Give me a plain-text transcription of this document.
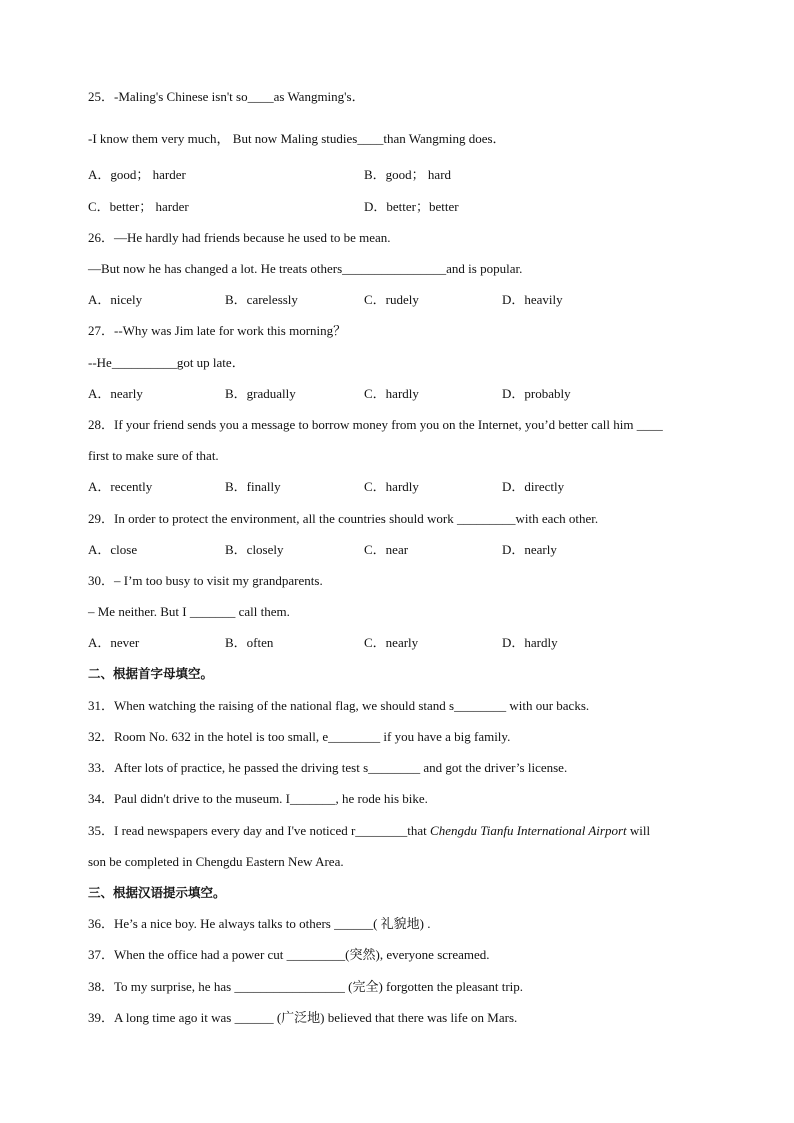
25．-Maling's Chinese isn't so____as Wangming's．
-I know them very much， But now Maling studies____than Wangming does．
A．good； harder	B．good； hard
C．better； harder	D．better；better
26．—He hardly had friends because he used to be mean.
—But now he has changed a lot. He treats others________________and is popular.
A．nicely	B．carelessly	C．rudely	D．heavily
27．--Why was Jim late for work this morning？
--He__________got up late．
A．nearly	B．gradually	C．hardly	D．probably
28．If your friend sends you a message to borrow money from you on the Internet, you’d better call him ____
first to make sure of that.
A．recently	B．finally	C．hardly	D．directly
29．In order to protect the environment, all the countries should work _________with each other.
A．close	B．closely	C．near	D．nearly
30．– I’m too busy to visit my grandparents.
– Me neither. But I _______ call them.
A．never	B．often	C．nearly	D．hardly
二、根据首字母填空。
31．When watching the raising of the national flag, we should stand s________ with our backs.
32．Room No. 632 in the hotel is too small, e________ if you have a big family.
33．After lots of practice, he passed the driving test s________ and got the driver’s license.
34．Paul didn't drive to the museum. I_______, he rode his bike.
35．I read newspapers every day and I've noticed r________that Chengdu Tianfu International Airport will
son be completed in Chengdu Eastern New Area.
三、根据汉语提示填空。
36．He’s a nice boy. He always talks to others ______( 礼貌地) .
37．When the office had a power cut _________(突然), everyone screamed.
38．To my surprise, he has _________________ (完全) forgotten the pleasant trip.
39．A long time ago it was ______ (广泛地) believed that there was life on Mars.
